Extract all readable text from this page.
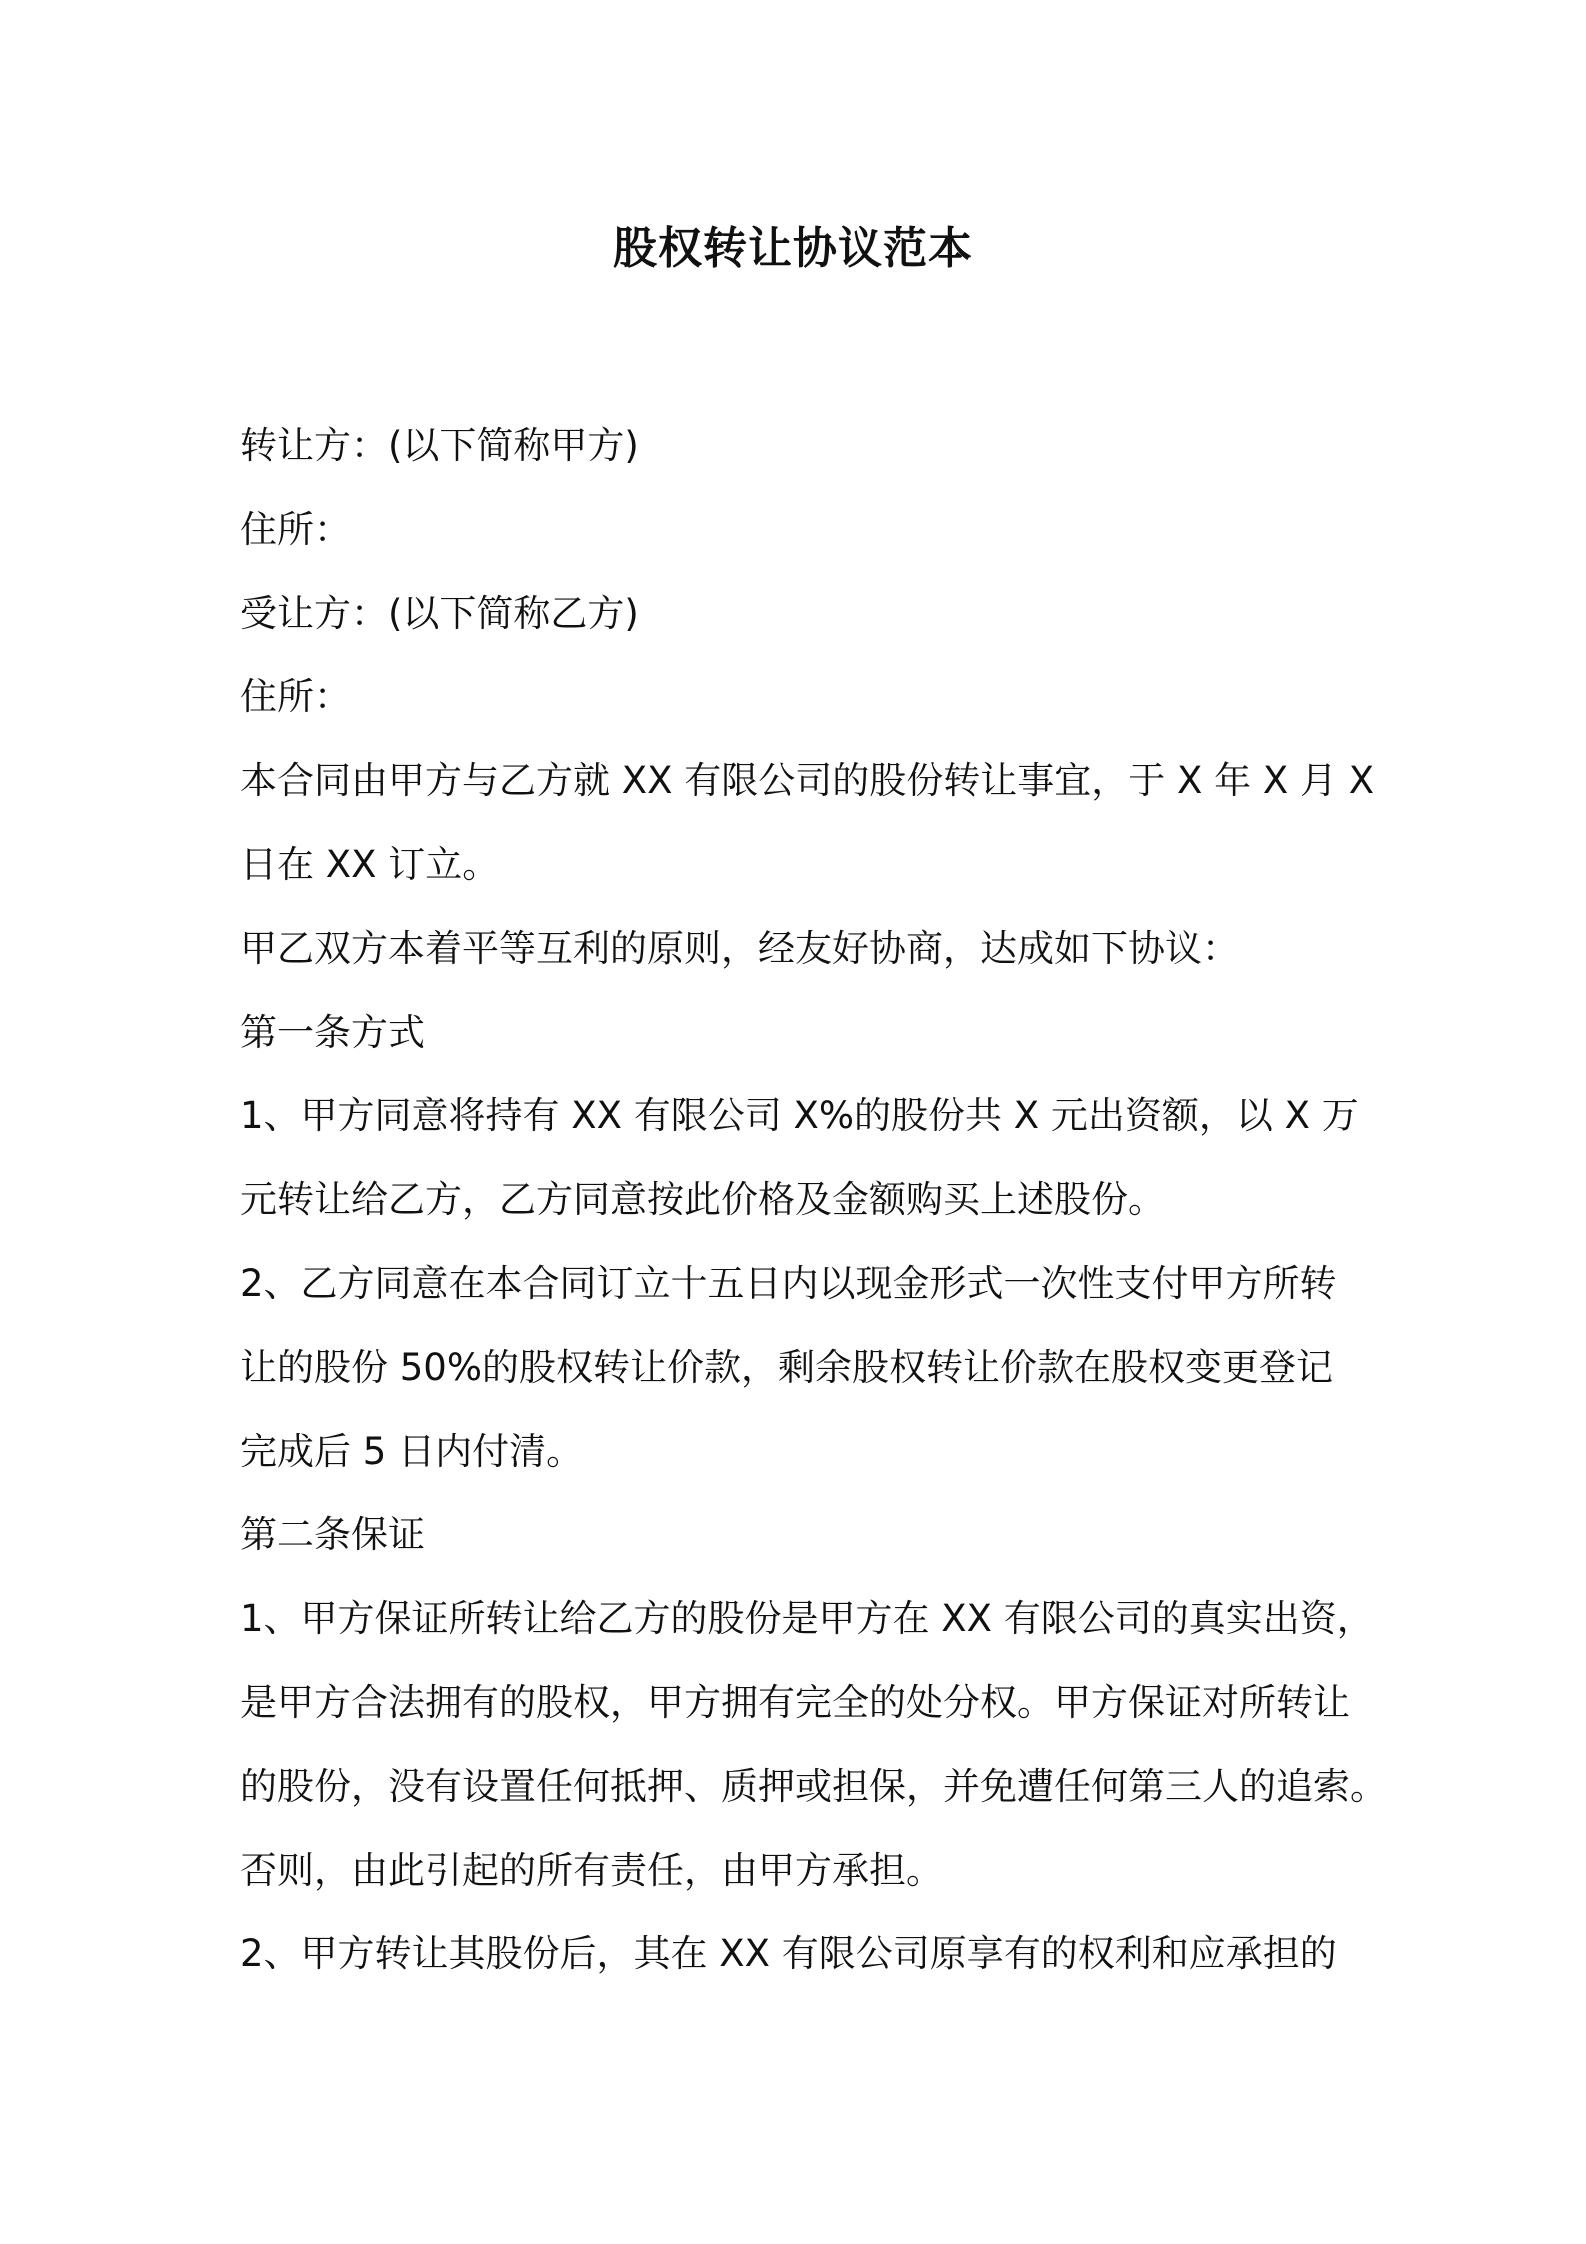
股权转让协议范本
转让方：(以下简称甲方)
住所：
受让方：(以下简称乙方)
住所：
本合同由甲方与乙方就 XX 有限公司的股份转让事宜，于 X 年 X 月 X
日在 XX 订立。
甲乙双方本着平等互利的原则，经友好协商，达成如下协议：
第一条方式
1、甲方同意将持有 XX 有限公司 X%的股份共 X 元出资额，以 X 万
元转让给乙方，乙方同意按此价格及金额购买上述股份。
2、乙方同意在本合同订立十五日内以现金形式一次性支付甲方所转
让的股份 50%的股权转让价款，剩余股权转让价款在股权变更登记
完成后 5 日内付清。
第二条保证
1、甲方保证所转让给乙方的股份是甲方在 XX 有限公司的真实出资，
是甲方合法拥有的股权，甲方拥有完全的处分权。甲方保证对所转让
的股份，没有设置任何抵押、质押或担保，并免遭任何第三人的追索。
否则，由此引起的所有责任，由甲方承担。
2、甲方转让其股份后，其在 XX 有限公司原享有的权利和应承担的
